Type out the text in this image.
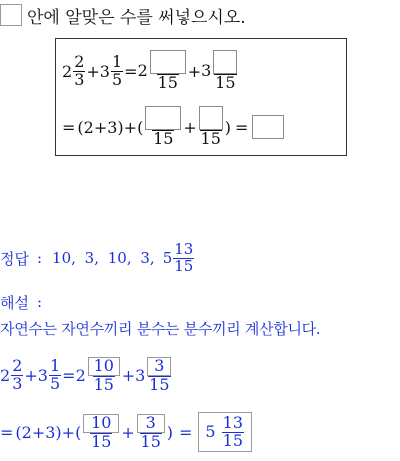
안에 알맞은 수를 써넣으시오.
$2 \frac{2}{3} + 3 \frac{1}{5} = 2$
15
+ 3
15
= (2+3) + (
15
+
15
) =
정답 : 10, 3, 10, 3, $5 \frac{13}{15}$
해설 :
자연수는 자연수끼리 분수는 분수끼리 계산합니다.
$2 \frac{2}{3} + 3 \frac{1}{5} = 2 \frac{10}{15} + 3 \frac{3}{15}$
= (2+3) + ( $\frac{10}{15} + \frac{3}{15}$ ) = $5 \frac{13}{15}$
